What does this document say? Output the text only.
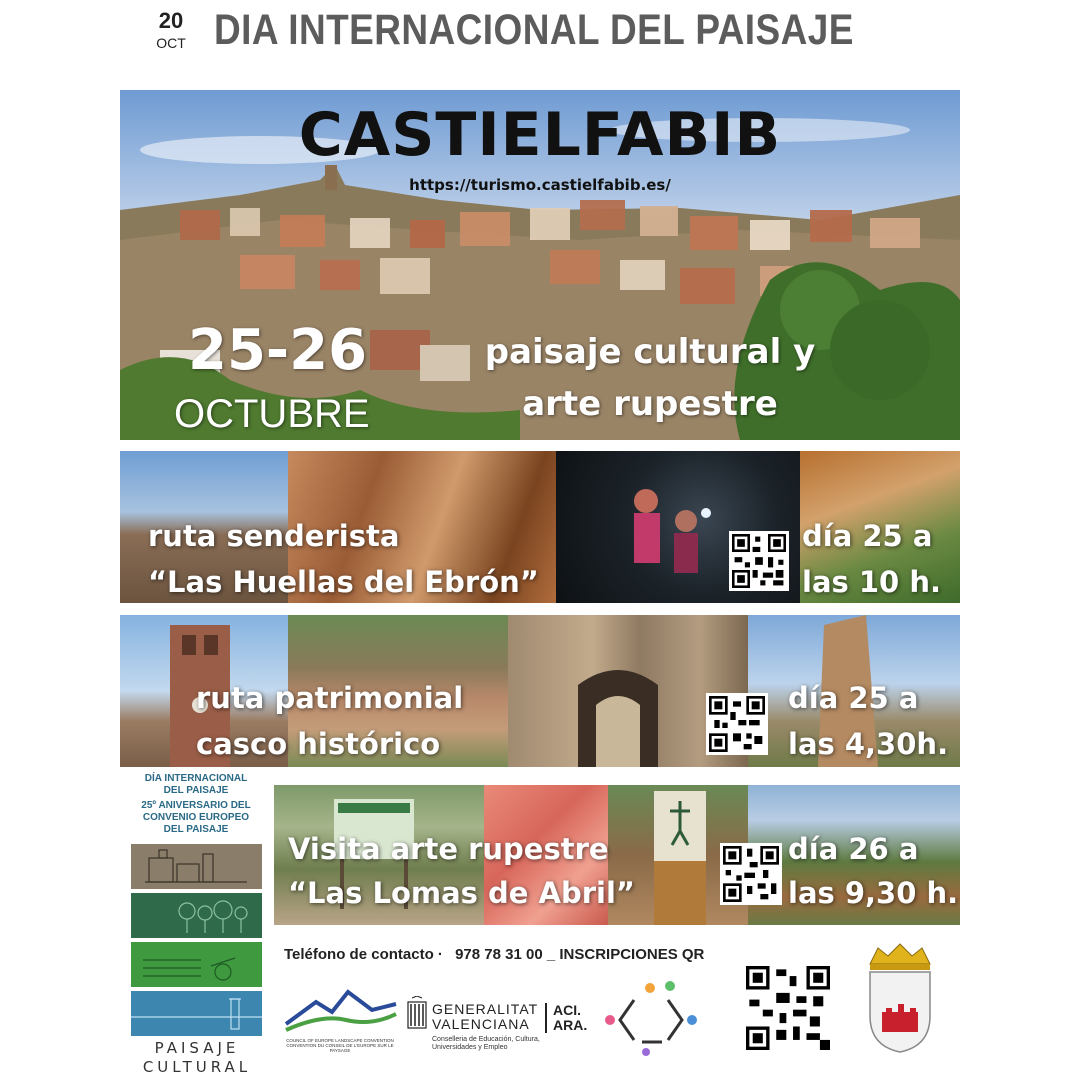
20
OCT DIA INTERNACIONAL DEL PAISAJE
CASTIELFABIB
https://turismo.castielfabib.es/
25-26
OCTUBRE
paisaje cultural y
arte rupestre
ruta senderista
“Las Huellas del Ebrón”
día 25 a
las 10 h.
ruta patrimonial
casco histórico
día 25 a
las 4,30h.
Visita arte rupestre
“Las Lomas de Abril”
día 26 a
las 9,30 h.
DÍA INTERNACIONAL
DEL PAISAJE
25º ANIVERSARIO DEL
CONVENIO EUROPEO
DEL PAISAJE
PAISAJE
CULTURAL
Teléfono de contacto · 978 78 31 00 _ INSCRIPCIONES QR
COUNCIL OF EUROPE LANDSCAPE CONVENTION CONVENTION DU CONSEIL DE L'EUROPE SUR LE PAYSAGE
GENERALITAT
VALENCIANA
ACI.
ARA.
Conselleria de Educación, Cultura, Universidades y Empleo
